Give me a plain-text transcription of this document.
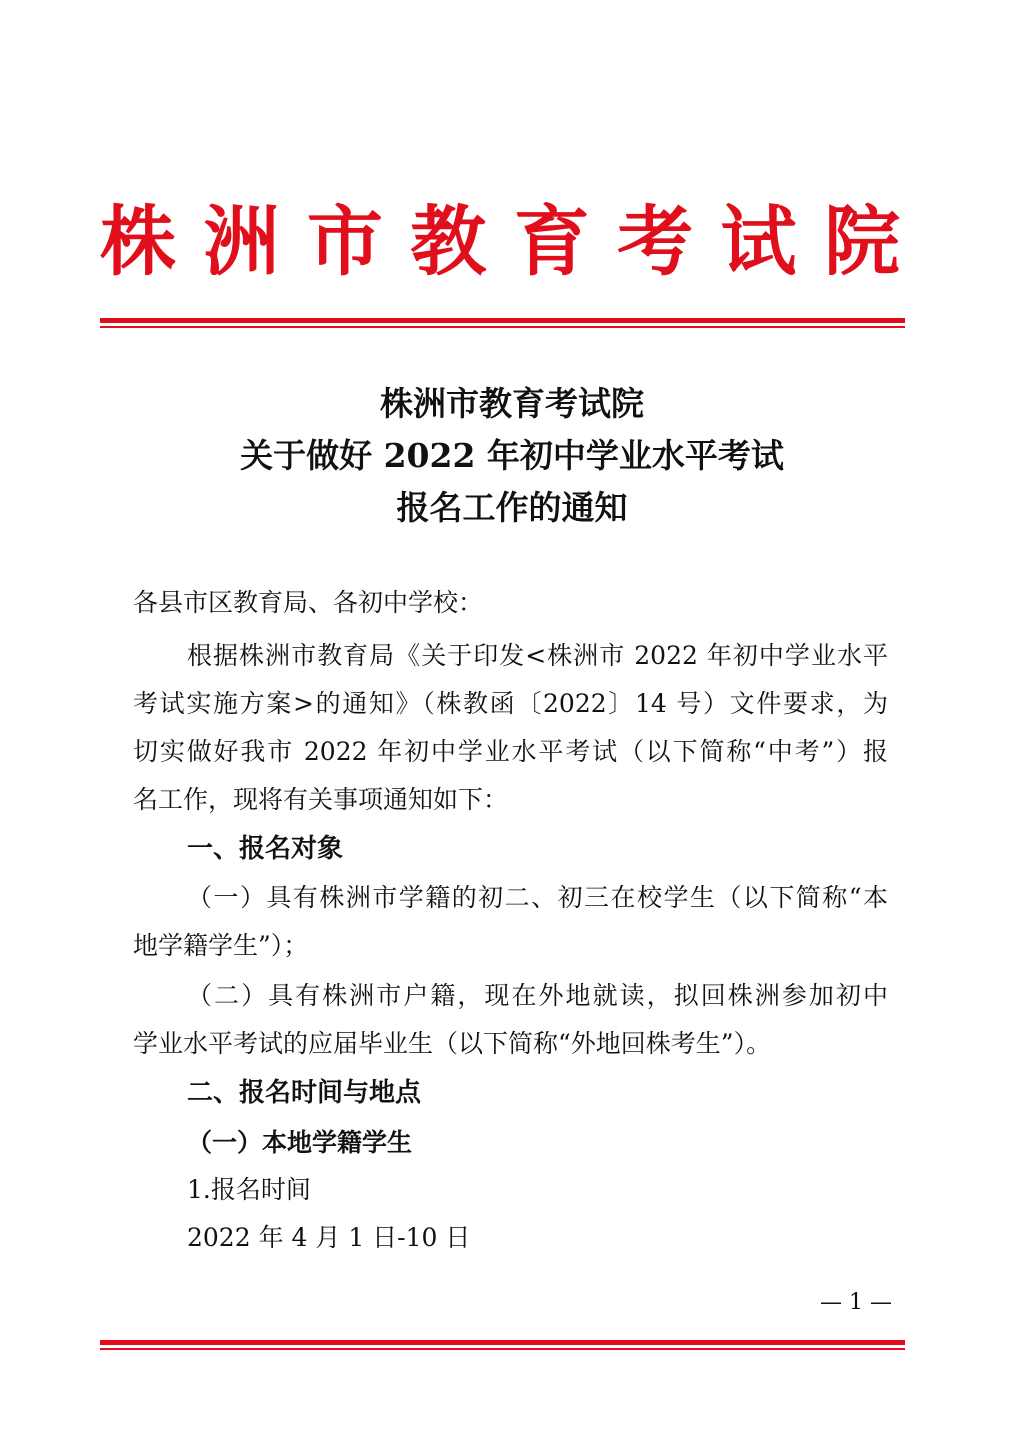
株 洲 市 教 育 考 试 院
株洲市教育考试院
关于做好 2022 年初中学业水平考试
报名工作的通知
各县市区教育局、各初中学校：
根据株洲市教育局《关于印发<株洲市 2022 年初中学业水平
考试实施方案>的通知》（株教函〔2022〕14 号）文件要求，为
切实做好我市 2022 年初中学业水平考试（以下简称“中考”）报
名工作，现将有关事项通知如下：
一、报名对象
（一）具有株洲市学籍的初二、初三在校学生（以下简称“本
地学籍学生”）；
（二）具有株洲市户籍，现在外地就读，拟回株洲参加初中
学业水平考试的应届毕业生（以下简称“外地回株考生”）。
二、报名时间与地点
（一）本地学籍学生
1.报名时间
2022 年 4 月 1 日-10 日
— 1 —
